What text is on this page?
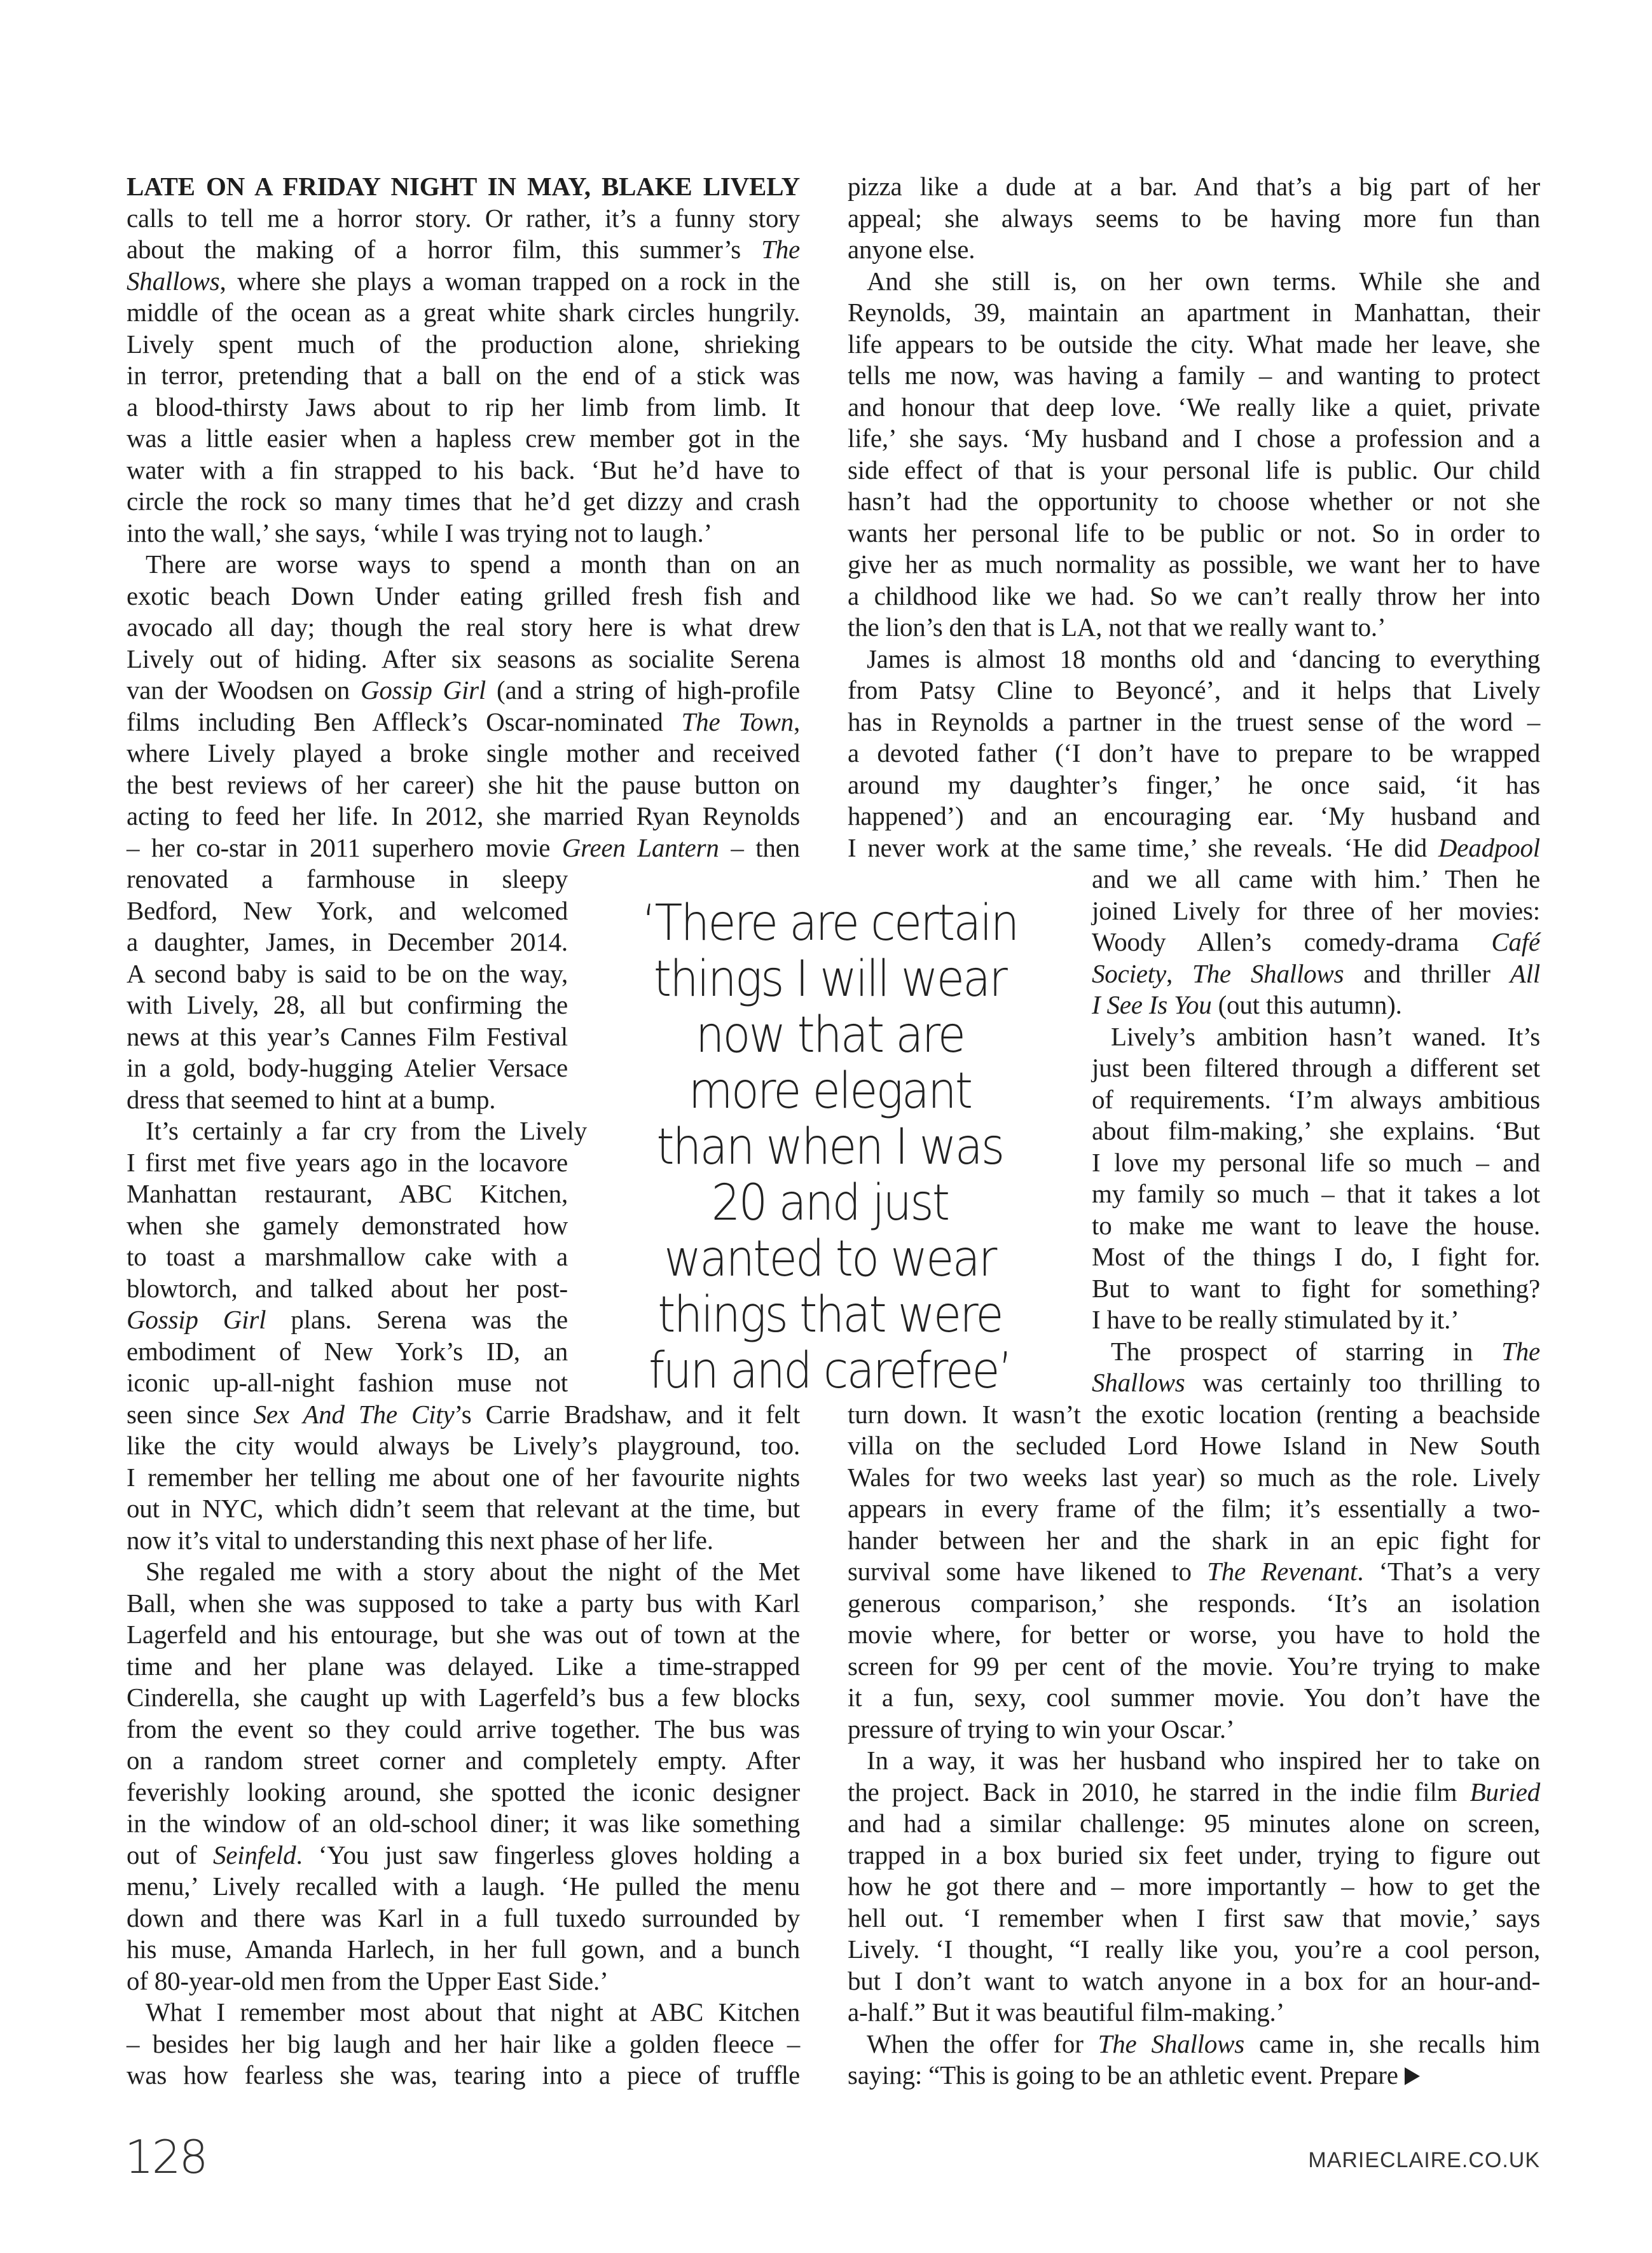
LATE ON A FRIDAY NIGHT IN MAY, BLAKE LIVELY
calls to tell me a horror story. Or rather, it’s a funny story
about the making of a horror film, this summer’s The
Shallows, where she plays a woman trapped on a rock in the
middle of the ocean as a great white shark circles hungrily.
Lively spent much of the production alone, shrieking
in terror, pretending that a ball on the end of a stick was
a blood-thirsty Jaws about to rip her limb from limb. It
was a little easier when a hapless crew member got in the
water with a fin strapped to his back. ‘But he’d have to
circle the rock so many times that he’d get dizzy and crash
into the wall,’ she says, ‘while I was trying not to laugh.’
There are worse ways to spend a month than on an
exotic beach Down Under eating grilled fresh fish and
avocado all day; though the real story here is what drew
Lively out of hiding. After six seasons as socialite Serena
van der Woodsen on Gossip Girl (and a string of high-profile
films including Ben Affleck’s Oscar-nominated The Town,
where Lively played a broke single mother and received
the best reviews of her career) she hit the pause button on
acting to feed her life. In 2012, she married Ryan Reynolds
– her co-star in 2011 superhero movie Green Lantern – then
renovated a farmhouse in sleepy
Bedford, New York, and welcomed
a daughter, James, in December 2014.
A second baby is said to be on the way,
with Lively, 28, all but confirming the
news at this year’s Cannes Film Festival
in a gold, body-hugging Atelier Versace
dress that seemed to hint at a bump.
It’s certainly a far cry from the Lively
I first met five years ago in the locavore
Manhattan restaurant, ABC Kitchen,
when she gamely demonstrated how
to toast a marshmallow cake with a
blowtorch, and talked about her post-
Gossip Girl plans. Serena was the
embodiment of New York’s ID, an
iconic up-all-night fashion muse not
seen since Sex And The City’s Carrie Bradshaw, and it felt
like the city would always be Lively’s playground, too.
I remember her telling me about one of her favourite nights
out in NYC, which didn’t seem that relevant at the time, but
now it’s vital to understanding this next phase of her life.
She regaled me with a story about the night of the Met
Ball, when she was supposed to take a party bus with Karl
Lagerfeld and his entourage, but she was out of town at the
time and her plane was delayed. Like a time-strapped
Cinderella, she caught up with Lagerfeld’s bus a few blocks
from the event so they could arrive together. The bus was
on a random street corner and completely empty. After
feverishly looking around, she spotted the iconic designer
in the window of an old-school diner; it was like something
out of Seinfeld. ‘You just saw fingerless gloves holding a
menu,’ Lively recalled with a laugh. ‘He pulled the menu
down and there was Karl in a full tuxedo surrounded by
his muse, Amanda Harlech, in her full gown, and a bunch
of 80-year-old men from the Upper East Side.’
What I remember most about that night at ABC Kitchen
– besides her big laugh and her hair like a golden fleece –
was how fearless she was, tearing into a piece of truffle
pizza like a dude at a bar. And that’s a big part of her
appeal; she always seems to be having more fun than
anyone else.
And she still is, on her own terms. While she and
Reynolds, 39, maintain an apartment in Manhattan, their
life appears to be outside the city. What made her leave, she
tells me now, was having a family – and wanting to protect
and honour that deep love. ‘We really like a quiet, private
life,’ she says. ‘My husband and I chose a profession and a
side effect of that is your personal life is public. Our child
hasn’t had the opportunity to choose whether or not she
wants her personal life to be public or not. So in order to
give her as much normality as possible, we want her to have
a childhood like we had. So we can’t really throw her into
the lion’s den that is LA, not that we really want to.’
James is almost 18 months old and ‘dancing to everything
from Patsy Cline to Beyoncé’, and it helps that Lively
has in Reynolds a partner in the truest sense of the word –
a devoted father (‘I don’t have to prepare to be wrapped
around my daughter’s finger,’ he once said, ‘it has
happened’) and an encouraging ear. ‘My husband and
I never work at the same time,’ she reveals. ‘He did Deadpool
and we all came with him.’ Then he
joined Lively for three of her movies:
Woody Allen’s comedy-drama Café
Society, The Shallows and thriller All
I See Is You (out this autumn).
Lively’s ambition hasn’t waned. It’s
just been filtered through a different set
of requirements. ‘I’m always ambitious
about film-making,’ she explains. ‘But
I love my personal life so much – and
my family so much – that it takes a lot
to make me want to leave the house.
Most of the things I do, I fight for.
But to want to fight for something?
I have to be really stimulated by it.’
The prospect of starring in The
Shallows was certainly too thrilling to
turn down. It wasn’t the exotic location (renting a beachside
villa on the secluded Lord Howe Island in New South
Wales for two weeks last year) so much as the role. Lively
appears in every frame of the film; it’s essentially a two-
hander between her and the shark in an epic fight for
survival some have likened to The Revenant. ‘That’s a very
generous comparison,’ she responds. ‘It’s an isolation
movie where, for better or worse, you have to hold the
screen for 99 per cent of the movie. You’re trying to make
it a fun, sexy, cool summer movie. You don’t have the
pressure of trying to win your Oscar.’
In a way, it was her husband who inspired her to take on
the project. Back in 2010, he starred in the indie film Buried
and had a similar challenge: 95 minutes alone on screen,
trapped in a box buried six feet under, trying to figure out
how he got there and – more importantly – how to get the
hell out. ‘I remember when I first saw that movie,’ says
Lively. ‘I thought, “I really like you, you’re a cool person,
but I don’t want to watch anyone in a box for an hour-and-
a-half.” But it was beautiful film-making.’
When the offer for The Shallows came in, she recalls him
saying: “This is going to be an athletic event. Prepare
‘There are certain
things I will wear
now that are
more elegant
than when I was
20 and just
wanted to wear
things that were
fun and carefree’
128	MARIECLAIRE.CO.UK
